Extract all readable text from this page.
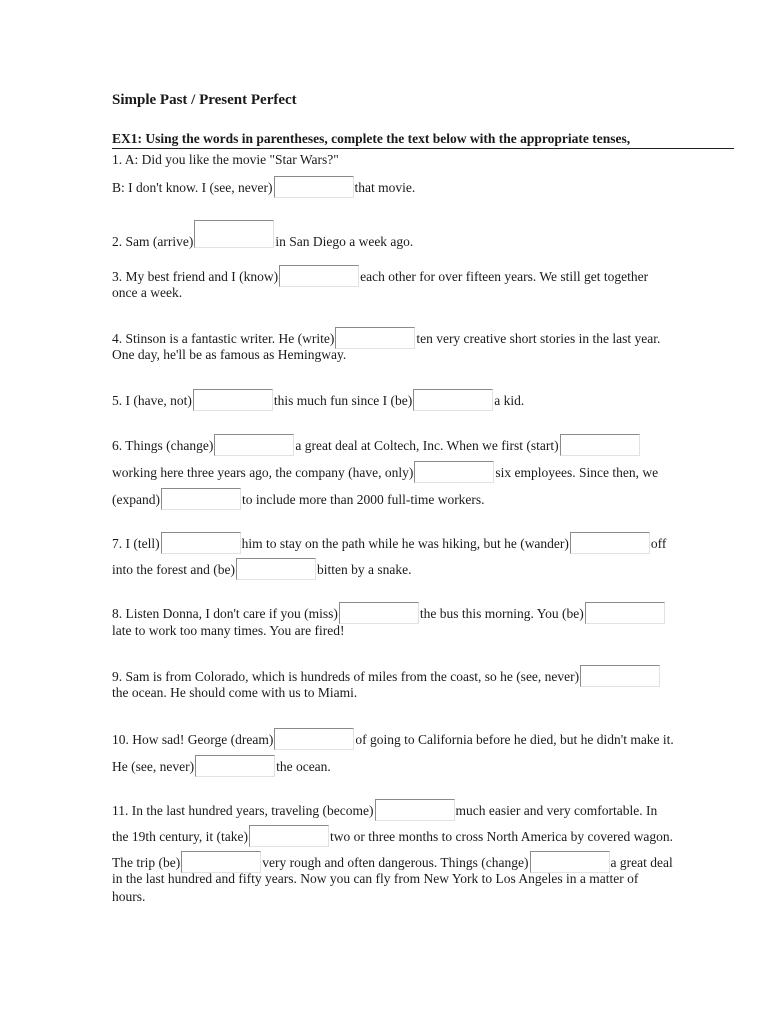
Simple Past / Present Perfect
EX1: Using the words in parentheses, complete the text below with the appropriate tenses,
1. A: Did you like the movie "Star Wars?"
B: I don't know. I (see, never)	that movie.
2. Sam (arrive)	in San Diego a week ago.
3. My best friend and I (know)	each other for over fifteen years. We still get together
once a week.
4. Stinson is a fantastic writer. He (write)	ten very creative short stories in the last year.
One day, he'll be as famous as Hemingway.
5. I (have, not)	this much fun since I (be)	a kid.
6. Things (change)	a great deal at Coltech, Inc. When we first (start)
working here three years ago, the company (have, only)	six employees. Since then, we
(expand)	to include more than 2000 full-time workers.
7. I (tell)	him to stay on the path while he was hiking, but he (wander)	off
into the forest and (be)	bitten by a snake.
8. Listen Donna, I don't care if you (miss)	the bus this morning. You (be)
late to work too many times. You are fired!
9. Sam is from Colorado, which is hundreds of miles from the coast, so he (see, never)
the ocean. He should come with us to Miami.
10. How sad! George (dream)	of going to California before he died, but he didn't make it.
He (see, never)	the ocean.
11. In the last hundred years, traveling (become)	much easier and very comfortable. In
the 19th century, it (take)	two or three months to cross North America by covered wagon.
The trip (be)	very rough and often dangerous. Things (change)	a great deal
in the last hundred and fifty years. Now you can fly from New York to Los Angeles in a matter of
hours.
